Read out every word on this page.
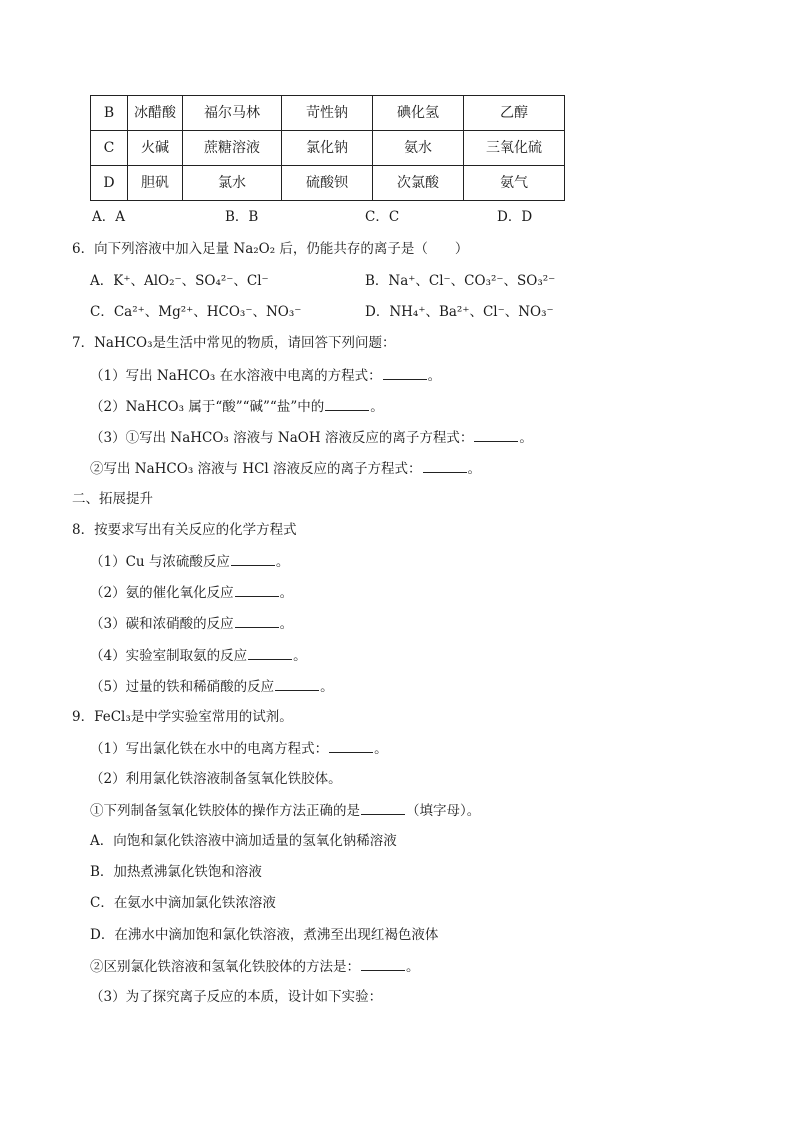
B	冰醋酸	福尔马林	苛性钠	碘化氢	乙醇
C	火碱	蔗糖溶液	氯化钠	氨水	三氧化硫
D	胆矾	氯水	硫酸钡	次氯酸	氨气
A．A	B．B	C．C	D．D
6．向下列溶液中加入足量 Na₂O₂ 后，仍能共存的离子是（　　）
A．K⁺、AlO₂⁻、SO₄²⁻、Cl⁻	B．Na⁺、Cl⁻、CO₃²⁻、SO₃²⁻
C．Ca²⁺、Mg²⁺、HCO₃⁻、NO₃⁻	D．NH₄⁺、Ba²⁺、Cl⁻、NO₃⁻
7．NaHCO₃是生活中常见的物质，请回答下列问题：
（1）写出 NaHCO₃ 在水溶液中电离的方程式：	。
（2）NaHCO₃ 属于“酸”“碱”“盐”中的	。
（3）①写出 NaHCO₃ 溶液与 NaOH 溶液反应的离子方程式：	。
②写出 NaHCO₃ 溶液与 HCl 溶液反应的离子方程式：	。
二、拓展提升
8．按要求写出有关反应的化学方程式
（1）Cu 与浓硫酸反应	。
（2）氨的催化氧化反应	。
（3）碳和浓硝酸的反应	。
（4）实验室制取氨的反应	。
（5）过量的铁和稀硝酸的反应	。
9．FeCl₃是中学实验室常用的试剂。
（1）写出氯化铁在水中的电离方程式：	。
（2）利用氯化铁溶液制备氢氧化铁胶体。
①下列制备氢氧化铁胶体的操作方法正确的是	（填字母）。
A．向饱和氯化铁溶液中滴加适量的氢氧化钠稀溶液
B．加热煮沸氯化铁饱和溶液
C．在氨水中滴加氯化铁浓溶液
D．在沸水中滴加饱和氯化铁溶液，煮沸至出现红褐色液体
②区别氯化铁溶液和氢氧化铁胶体的方法是：	。
（3）为了探究离子反应的本质，设计如下实验：
